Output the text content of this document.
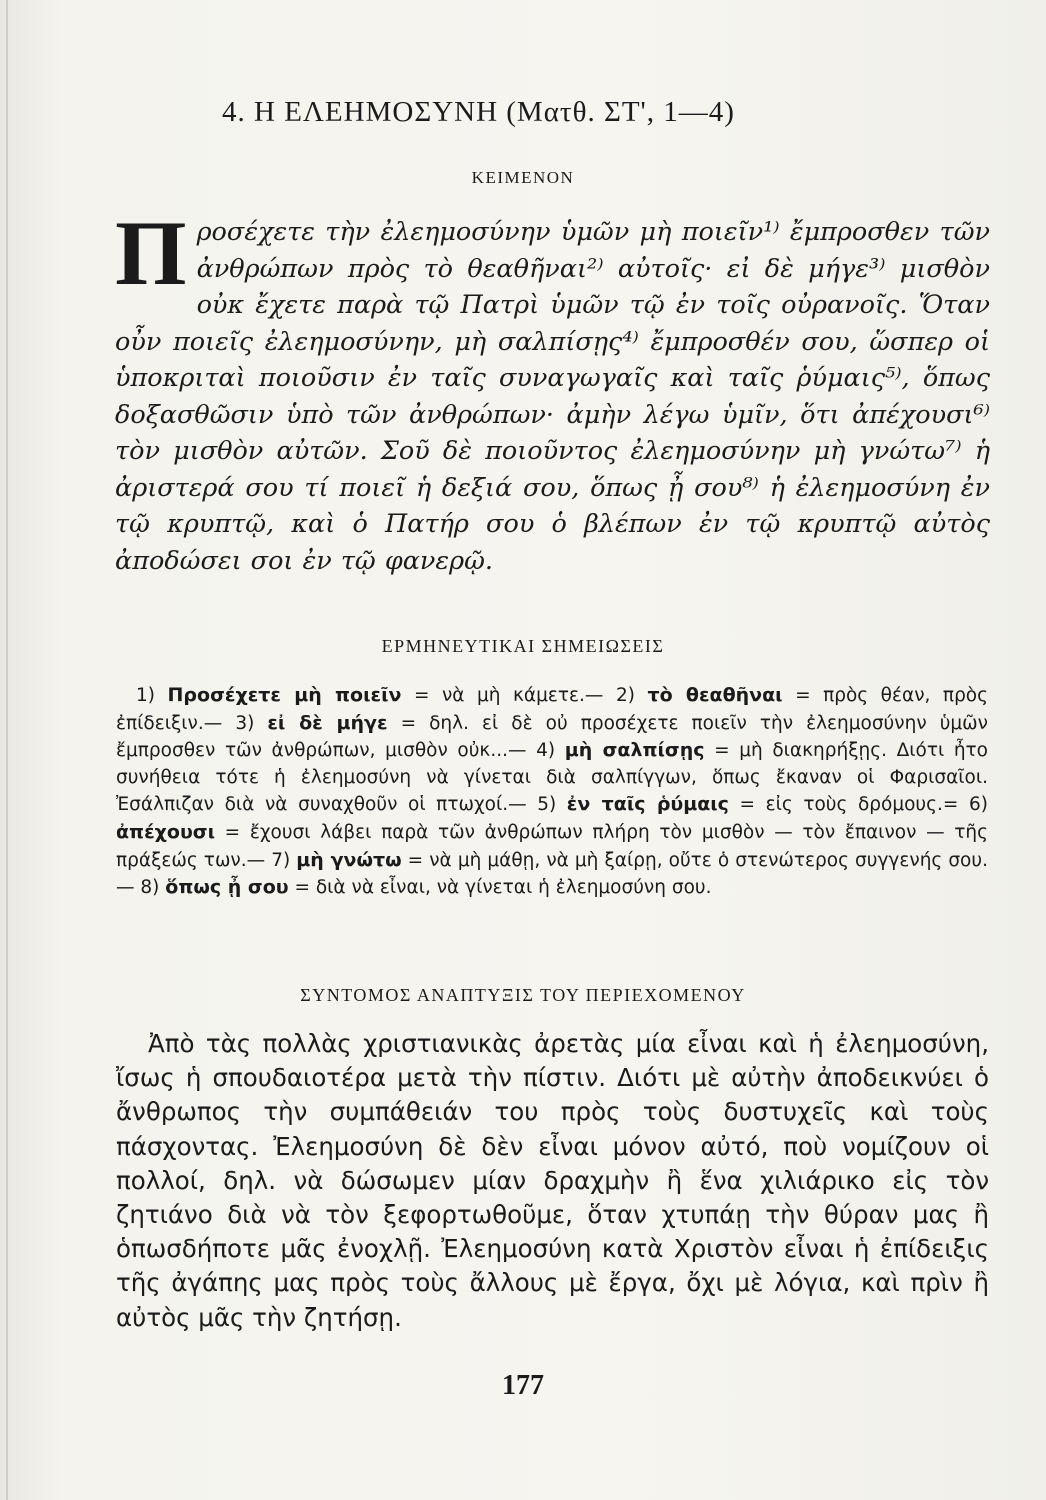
4. Η ΕΛΕΗΜΟΣΥΝΗ (Ματθ. ΣΤ', 1—4)
ΚΕΙΜΕΝΟΝ
Προσέχετε τὴν ἐλεημοσύνην ὑμῶν μὴ ποιεῖν¹⁾ ἔμπροσθεν τῶν ἀνθρώπων πρὸς τὸ θεαθῆναι²⁾ αὐτοῖς· εἰ δὲ μήγε³⁾ μισθὸν οὐκ ἔχετε παρὰ τῷ Πατρὶ ὑμῶν τῷ ἐν τοῖς οὐρανοῖς. Ὅταν οὖν ποιεῖς ἐλεημοσύνην, μὴ σαλπίσῃς⁴⁾ ἔμπροσθέν σου, ὥσπερ οἱ ὑποκριταὶ ποιοῦσιν ἐν ταῖς συναγωγαῖς καὶ ταῖς ῥύμαις⁵⁾, ὅπως δοξασθῶσιν ὑπὸ τῶν ἀνθρώπων· ἀμὴν λέγω ὑμῖν, ὅτι ἀπέχουσι⁶⁾ τὸν μισθὸν αὐτῶν. Σοῦ δὲ ποιοῦντος ἐλεημοσύνην μὴ γνώτω⁷⁾ ἡ ἀριστερά σου τί ποιεῖ ἡ δεξιά σου, ὅπως ᾖ σου⁸⁾ ἡ ἐλεημοσύνη ἐν τῷ κρυπτῷ, καὶ ὁ Πατήρ σου ὁ βλέπων ἐν τῷ κρυπτῷ αὐτὸς ἀποδώσει σοι ἐν τῷ φανερῷ.
ΕΡΜΗΝΕΥΤΙΚΑΙ ΣΗΜΕΙΩΣΕΙΣ
1) Προσέχετε μὴ ποιεῖν = νὰ μὴ κάμετε.— 2) τὸ θεαθῆναι = πρὸς θέαν, πρὸς ἐπίδειξιν.— 3) εἰ δὲ μήγε = δηλ. εἰ δὲ οὐ προσέχετε ποιεῖν τὴν ἐλεημοσύνην ὑμῶν ἔμπροσθεν τῶν ἀνθρώπων, μισθὸν οὐκ...— 4) μὴ σαλπίσῃς = μὴ διακηρήξῃς. Διότι ἦτο συνήθεια τότε ἡ ἐλεημοσύνη νὰ γίνεται διὰ σαλπίγγων, ὅπως ἔκαναν οἱ Φαρισαῖοι. Ἐσάλπιζαν διὰ νὰ συναχθοῦν οἱ πτωχοί.— 5) ἐν ταῖς ῥύμαις = εἰς τοὺς δρόμους.= 6) ἀπέχουσι = ἔχουσι λάβει παρὰ τῶν ἀνθρώπων πλήρη τὸν μισθὸν — τὸν ἔπαινον — τῆς πράξεώς των.— 7) μὴ γνώτω = νὰ μὴ μάθῃ, νὰ μὴ ξαίρῃ, οὔτε ὁ στενώτερος συγγενής σου.— 8) ὅπως ᾖ σου = διὰ νὰ εἶναι, νὰ γίνεται ἡ ἐλεημοσύνη σου.
ΣΥΝΤΟΜΟΣ ΑΝΑΠΤΥΞΙΣ ΤΟΥ ΠΕΡΙΕΧΟΜΕΝΟΥ
Ἀπὸ τὰς πολλὰς χριστιανικὰς ἀρετὰς μία εἶναι καὶ ἡ ἐλεημοσύνη, ἴσως ἡ σπουδαιοτέρα μετὰ τὴν πίστιν. Διότι μὲ αὐτὴν ἀποδεικνύει ὁ ἄνθρωπος τὴν συμπάθειάν του πρὸς τοὺς δυστυχεῖς καὶ τοὺς πάσχοντας. Ἐλεημοσύνη δὲ δὲν εἶναι μόνον αὐτό, ποὺ νομίζουν οἱ πολλοί, δηλ. νὰ δώσωμεν μίαν δραχμὴν ἢ ἕνα χιλιάρικο εἰς τὸν ζητιάνο διὰ νὰ τὸν ξεφορτωθοῦμε, ὅταν χτυπάῃ τὴν θύραν μας ἢ ὁπωσδήποτε μᾶς ἐνοχλῇ. Ἐλεημοσύνη κατὰ Χριστὸν εἶναι ἡ ἐπίδειξις τῆς ἀγάπης μας πρὸς τοὺς ἄλλους μὲ ἔργα, ὄχι μὲ λόγια, καὶ πρὶν ἢ αὐτὸς μᾶς τὴν ζητήσῃ.
177
